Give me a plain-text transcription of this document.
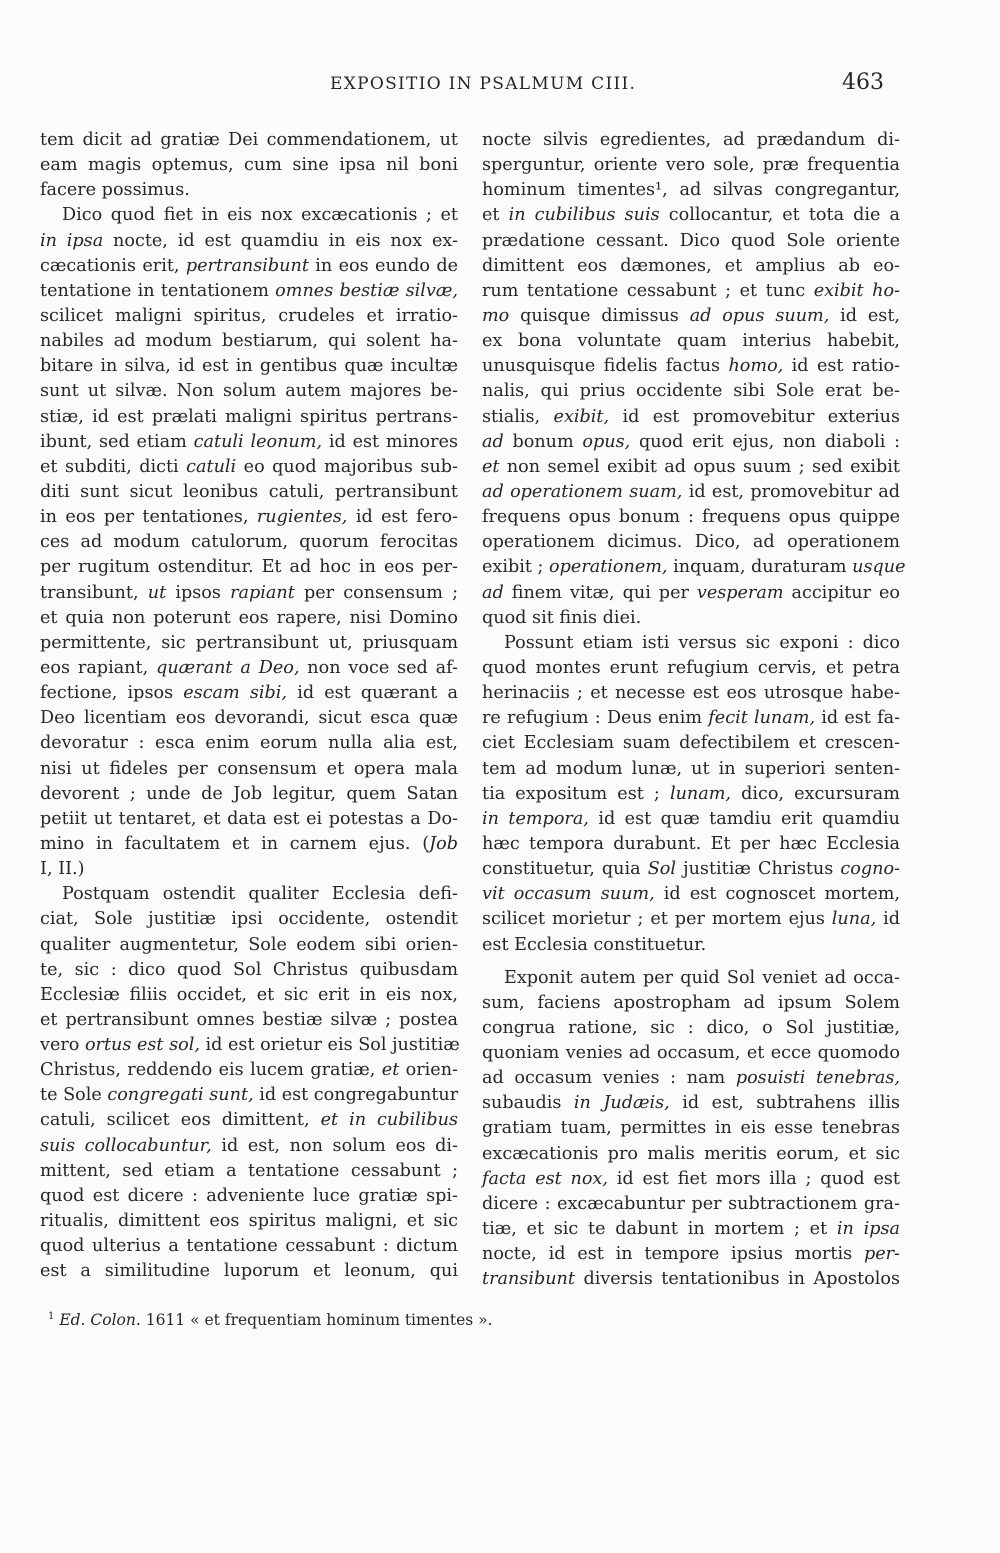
EXPOSITIO IN PSALMUM CIII.	463
tem dicit ad gratiæ Dei commendationem, ut
eam magis optemus, cum sine ipsa nil boni
facere possimus.
Dico quod fiet in eis nox excæcationis ; et
in ipsa nocte, id est quamdiu in eis nox ex-
cæcationis erit, pertransibunt in eos eundo de
tentatione in tentationem omnes bestiæ silvæ,
scilicet maligni spiritus, crudeles et irratio-
nabiles ad modum bestiarum, qui solent ha-
bitare in silva, id est in gentibus quæ incultæ
sunt ut silvæ. Non solum autem majores be-
stiæ, id est prælati maligni spiritus pertrans-
ibunt, sed etiam catuli leonum, id est minores
et subditi, dicti catuli eo quod majoribus sub-
diti sunt sicut leonibus catuli, pertransibunt
in eos per tentationes, rugientes, id est fero-
ces ad modum catulorum, quorum ferocitas
per rugitum ostenditur. Et ad hoc in eos per-
transibunt, ut ipsos rapiant per consensum ;
et quia non poterunt eos rapere, nisi Domino
permittente, sic pertransibunt ut, priusquam
eos rapiant, quærant a Deo, non voce sed af-
fectione, ipsos escam sibi, id est quærant a
Deo licentiam eos devorandi, sicut esca quæ
devoratur : esca enim eorum nulla alia est,
nisi ut fideles per consensum et opera mala
devorent ; unde de Job legitur, quem Satan
petiit ut tentaret, et data est ei potestas a Do-
mino in facultatem et in carnem ejus. (Job
I, II.)
Postquam ostendit qualiter Ecclesia defi-
ciat, Sole justitiæ ipsi occidente, ostendit
qualiter augmentetur, Sole eodem sibi orien-
te, sic : dico quod Sol Christus quibusdam
Ecclesiæ filiis occidet, et sic erit in eis nox,
et pertransibunt omnes bestiæ silvæ ; postea
vero ortus est sol, id est orietur eis Sol justitiæ
Christus, reddendo eis lucem gratiæ, et orien-
te Sole congregati sunt, id est congregabuntur
catuli, scilicet eos dimittent, et in cubilibus
suis collocabuntur, id est, non solum eos di-
mittent, sed etiam a tentatione cessabunt ;
quod est dicere : adveniente luce gratiæ spi-
ritualis, dimittent eos spiritus maligni, et sic
quod ulterius a tentatione cessabunt : dictum
est a similitudine luporum et leonum, qui
nocte silvis egredientes, ad prædandum di-
sperguntur, oriente vero sole, præ frequentia
hominum timentes¹, ad silvas congregantur,
et in cubilibus suis collocantur, et tota die a
prædatione cessant. Dico quod Sole oriente
dimittent eos dæmones, et amplius ab eo-
rum tentatione cessabunt ; et tunc exibit ho-
mo quisque dimissus ad opus suum, id est,
ex bona voluntate quam interius habebit,
unusquisque fidelis factus homo, id est ratio-
nalis, qui prius occidente sibi Sole erat be-
stialis, exibit, id est promovebitur exterius
ad bonum opus, quod erit ejus, non diaboli :
et non semel exibit ad opus suum ; sed exibit
ad operationem suam, id est, promovebitur ad
frequens opus bonum : frequens opus quippe
operationem dicimus. Dico, ad operationem
exibit ; operationem, inquam, duraturam usque
ad finem vitæ, qui per vesperam accipitur eo
quod sit finis diei.
Possunt etiam isti versus sic exponi : dico
quod montes erunt refugium cervis, et petra
herinaciis ; et necesse est eos utrosque habe-
re refugium : Deus enim fecit lunam, id est fa-
ciet Ecclesiam suam defectibilem et crescen-
tem ad modum lunæ, ut in superiori senten-
tia expositum est ; lunam, dico, excursuram
in tempora, id est quæ tamdiu erit quamdiu
hæc tempora durabunt. Et per hæc Ecclesia
constituetur, quia Sol justitiæ Christus cogno-
vit occasum suum, id est cognoscet mortem,
scilicet morietur ; et per mortem ejus luna, id
est Ecclesia constituetur.
Exponit autem per quid Sol veniet ad occa-
sum, faciens apostropham ad ipsum Solem
congrua ratione, sic : dico, o Sol justitiæ,
quoniam venies ad occasum, et ecce quomodo
ad occasum venies : nam posuisti tenebras,
subaudis in Judæis, id est, subtrahens illis
gratiam tuam, permittes in eis esse tenebras
excæcationis pro malis meritis eorum, et sic
facta est nox, id est fiet mors illa ; quod est
dicere : excæcabuntur per subtractionem gra-
tiæ, et sic te dabunt in mortem ; et in ipsa
nocte, id est in tempore ipsius mortis per-
transibunt diversis tentationibus in Apostolos
$^1$ Ed. Colon. 1611 « et frequentiam hominum timentes ».
